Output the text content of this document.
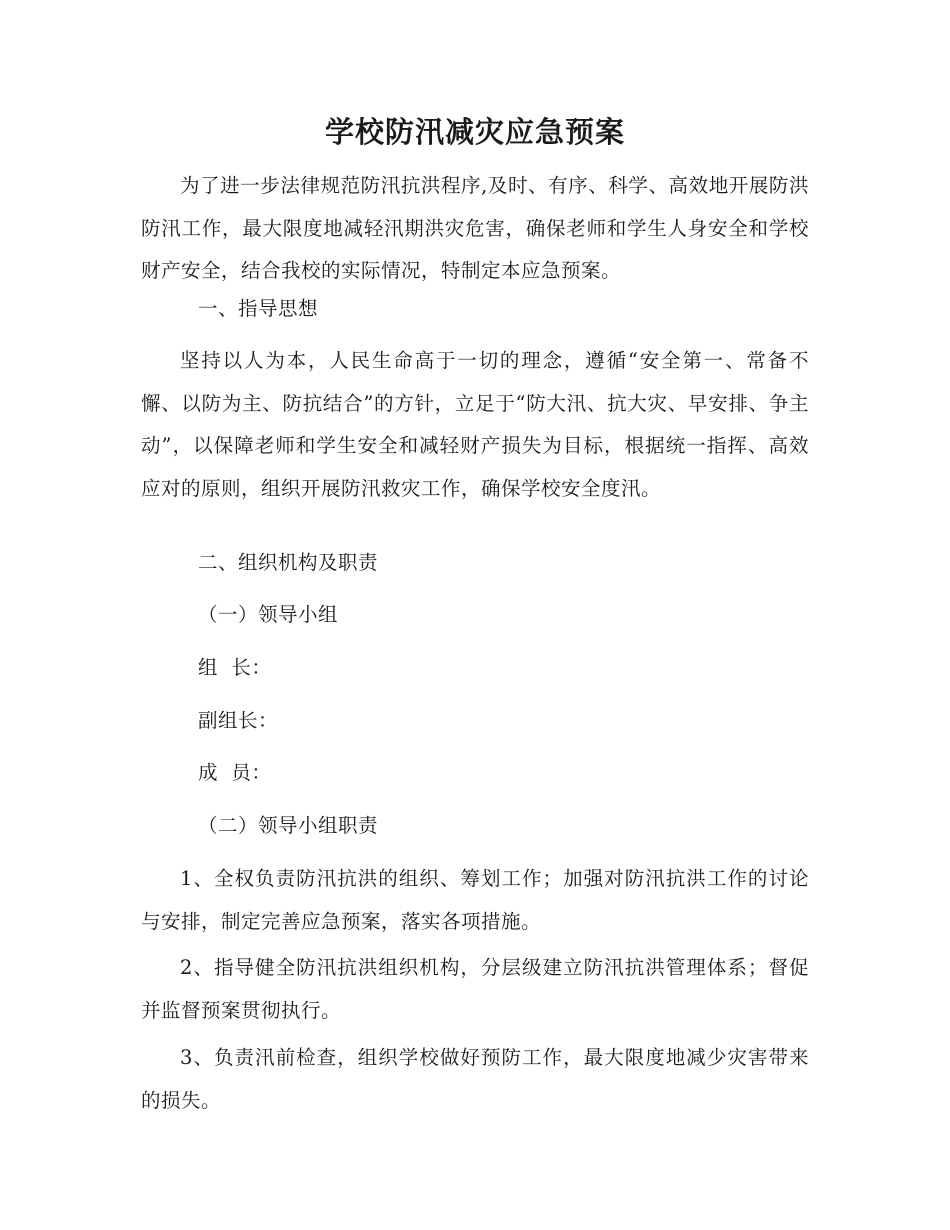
学校防汛减灾应急预案

为了进一步法律规范防汛抗洪程序,及时、有序、科学、高效地开展防洪防汛工作，最大限度地减轻汛期洪灾危害，确保老师和学生人身安全和学校财产安全，结合我校的实际情况，特制定本应急预案。

一、指导思想

坚持以人为本，人民生命高于一切的理念，遵循“安全第一、常备不懈、以防为主、防抗结合”的方针，立足于“防大汛、抗大灾、早安排、争主动”，以保障老师和学生安全和减轻财产损失为目标，根据统一指挥、高效应对的原则，组织开展防汛救灾工作，确保学校安全度汛。

二、组织机构及职责

（一）领导小组

组  长：

副组长：

成  员：

（二）领导小组职责

1、全权负责防汛抗洪的组织、筹划工作；加强对防汛抗洪工作的讨论与安排，制定完善应急预案，落实各项措施。

2、指导健全防汛抗洪组织机构，分层级建立防汛抗洪管理体系；督促并监督预案贯彻执行。

3、负责汛前检查，组织学校做好预防工作，最大限度地减少灾害带来的损失。
